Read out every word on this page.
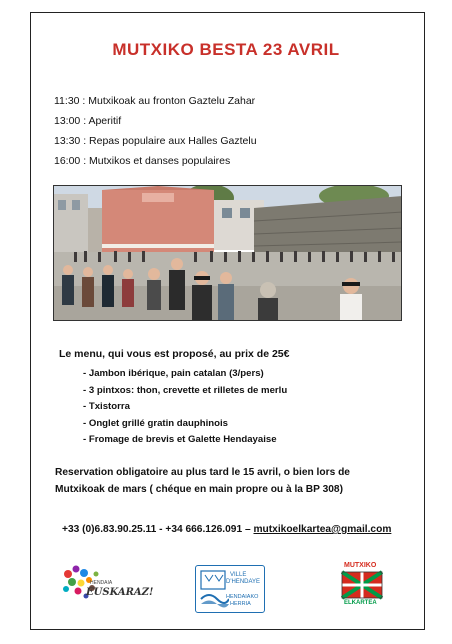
MUTXIKO BESTA 23 AVRIL
11:30 : Mutxikoak au fronton Gaztelu Zahar
13:00 : Aperitif
13:30 : Repas populaire aux Halles Gaztelu
16:00 : Mutxikos et danses populaires
Le menu, qui vous est proposé, au prix de 25€
- Jambon ibérique, pain catalan (3/pers)
- 3 pintxos: thon, crevette et rilletes de merlu
- Txistorra
- Onglet grillé gratin dauphinois
- Fromage de brevis et Galette Hendayaise
Reservation obligatoire au plus tard le 15 avril, o bien lors de
Mutxikoak de mars ( chéque en main propre ou à la BP 308)
+33 (0)6.83.90.25.11 - +34 666.126.091 – mutxikoelkartea@gmail.com
HENDAIA
EUSKARAZ!
VILLE
D'HENDAYE
HENDAIAKO
HERRIA
MUTXIKO
ELKARTEA
